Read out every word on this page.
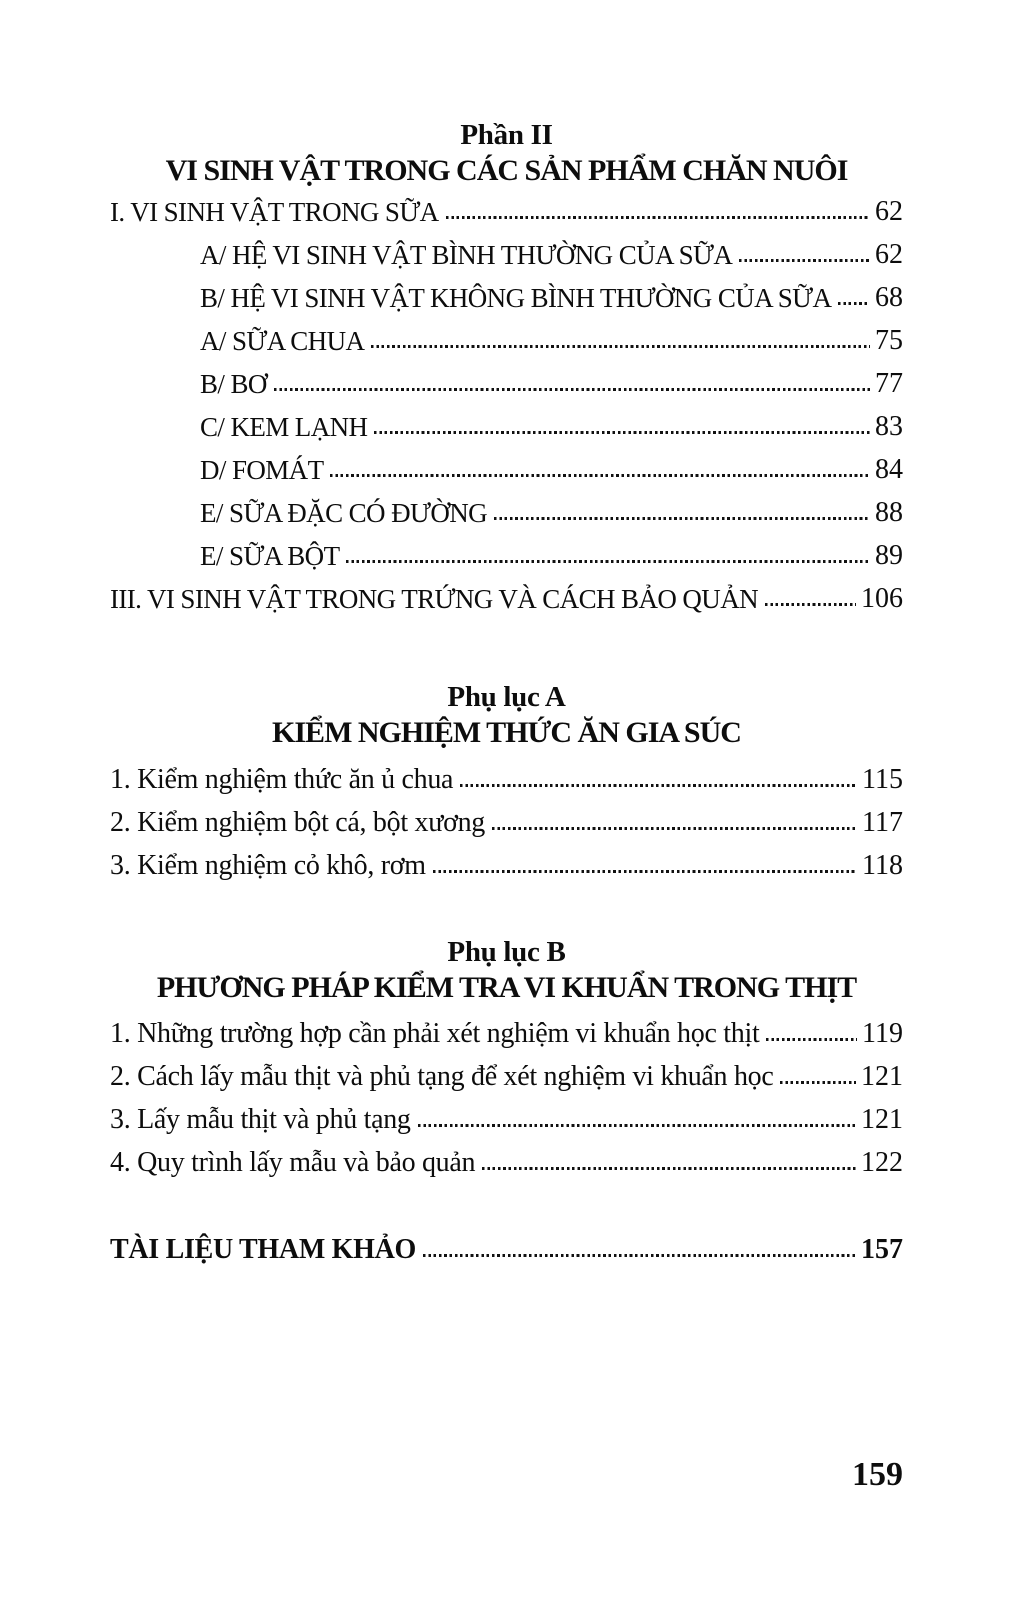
Phần II
VI SINH VẬT TRONG CÁC SẢN PHẨM CHĂN NUÔI
I. VI SINH VẬT TRONG SỮA	62
A/ HỆ VI SINH VẬT BÌNH THƯỜNG CỦA SỮA	62
B/ HỆ VI SINH VẬT KHÔNG BÌNH THƯỜNG CỦA SỮA 68
A/ SỮA CHUA	75
B/ BƠ	77
C/ KEM LẠNH	83
D/ FOMÁT	84
E/ SỮA ĐẶC CÓ ĐƯỜNG	88
E/ SỮA BỘT	89
III. VI SINH VẬT TRONG TRỨNG VÀ CÁCH BẢO QUẢN	106
Phụ lục A
KIỂM NGHIỆM THỨC ĂN GIA SÚC
1. Kiểm nghiệm thức ăn ủ chua	115
2. Kiểm nghiệm bột cá, bột xương	117
3. Kiểm nghiệm cỏ khô, rơm	118
Phụ lục B
PHƯƠNG PHÁP KIỂM TRA VI KHUẨN TRONG THỊT
1. Những trường hợp cần phải xét nghiệm vi khuẩn học thịt	119
2. Cách lấy mẫu thịt và phủ tạng để xét nghiệm vi khuẩn học	121
3. Lấy mẫu thịt và phủ tạng	121
4. Quy trình lấy mẫu và bảo quản	122
TÀI LIỆU THAM KHẢO	157
159
